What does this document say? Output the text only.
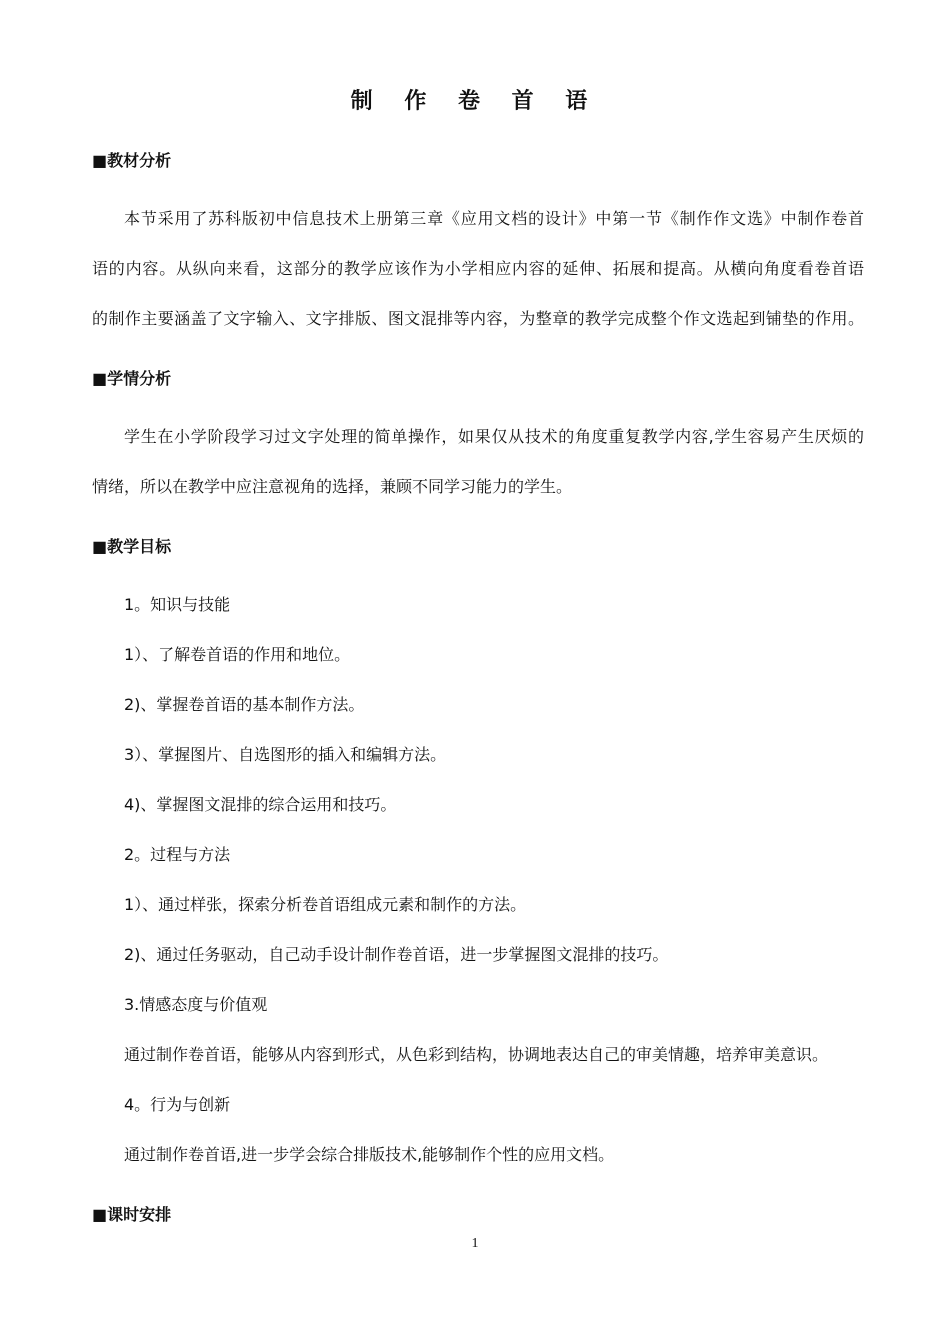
制 作 卷 首 语
■教材分析
本节采用了苏科版初中信息技术上册第三章《应用文档的设计》中第一节《制作作文选》中制作卷首
语的内容。从纵向来看，这部分的教学应该作为小学相应内容的延伸、拓展和提高。从横向角度看卷首语
的制作主要涵盖了文字输入、文字排版、图文混排等内容，为整章的教学完成整个作文选起到铺垫的作用。
■学情分析
学生在小学阶段学习过文字处理的简单操作，如果仅从技术的角度重复教学内容,学生容易产生厌烦的
情绪，所以在教学中应注意视角的选择，兼顾不同学习能力的学生。
■教学目标
1。知识与技能
1）、了解卷首语的作用和地位。
2)、掌握卷首语的基本制作方法。
3）、掌握图片、自选图形的插入和编辑方法。
4)、掌握图文混排的综合运用和技巧。
2。过程与方法
1）、通过样张，探索分析卷首语组成元素和制作的方法。
2)、通过任务驱动，自己动手设计制作卷首语，进一步掌握图文混排的技巧。
3.情感态度与价值观
通过制作卷首语，能够从内容到形式，从色彩到结构，协调地表达自己的审美情趣，培养审美意识。
4。行为与创新
通过制作卷首语,进一步学会综合排版技术,能够制作个性的应用文档。
■课时安排
1
